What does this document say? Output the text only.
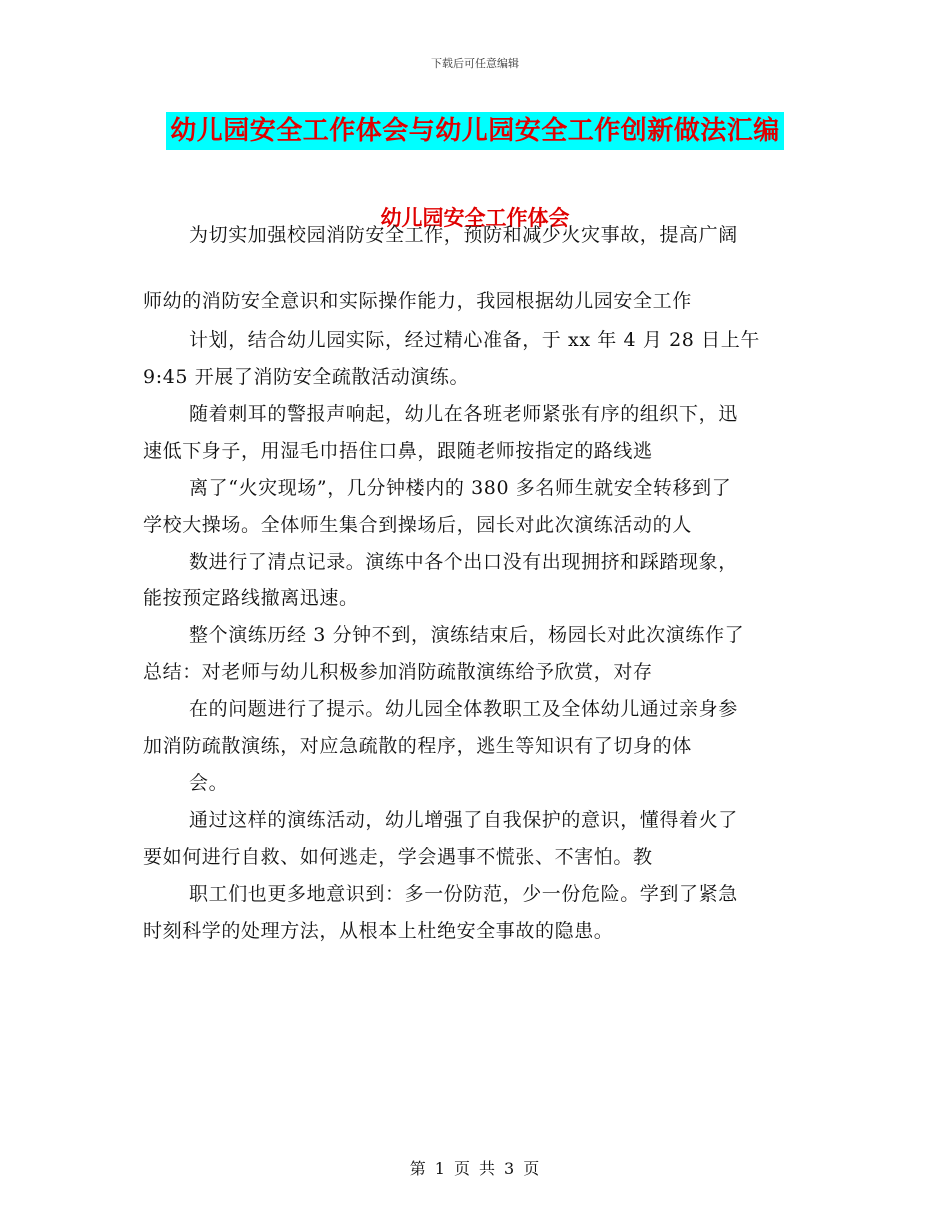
下载后可任意编辑
幼儿园安全工作体会与幼儿园安全工作创新做法汇编
幼儿园安全工作体会
为切实加强校园消防安全工作，预防和减少火灾事故，提高广阔
师幼的消防安全意识和实际操作能力，我园根据幼儿园安全工作
计划，结合幼儿园实际，经过精心准备，于 xx 年 4 月 28 日上午
9:45 开展了消防安全疏散活动演练。
随着刺耳的警报声响起，幼儿在各班老师紧张有序的组织下，迅
速低下身子，用湿毛巾捂住口鼻，跟随老师按指定的路线逃
离了“火灾现场”，几分钟楼内的 380 多名师生就安全转移到了
学校大操场。全体师生集合到操场后，园长对此次演练活动的人
数进行了清点记录。演练中各个出口没有出现拥挤和踩踏现象，
能按预定路线撤离迅速。
整个演练历经 3 分钟不到，演练结束后，杨园长对此次演练作了
总结：对老师与幼儿积极参加消防疏散演练给予欣赏，对存
在的问题进行了提示。幼儿园全体教职工及全体幼儿通过亲身参
加消防疏散演练，对应急疏散的程序，逃生等知识有了切身的体
会。
通过这样的演练活动，幼儿增强了自我保护的意识，懂得着火了
要如何进行自救、如何逃走，学会遇事不慌张、不害怕。教
职工们也更多地意识到：多一份防范，少一份危险。学到了紧急
时刻科学的处理方法，从根本上杜绝安全事故的隐患。
第 1 页 共 3 页
